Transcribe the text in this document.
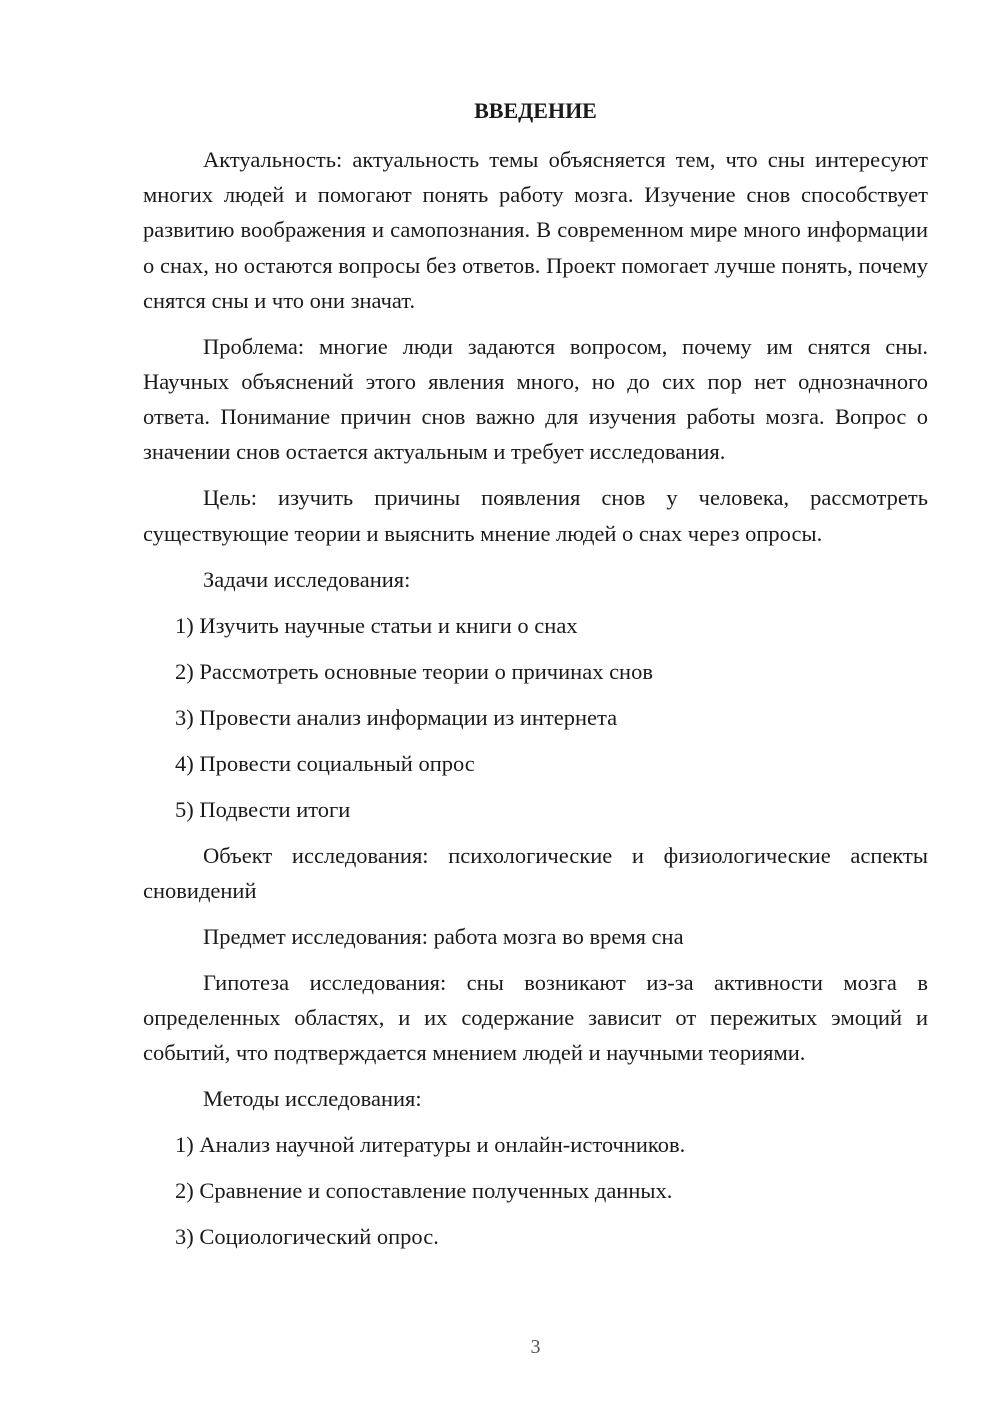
ВВЕДЕНИЕ

Актуальность: актуальность темы объясняется тем, что сны интересуют многих людей и помогают понять работу мозга. Изучение снов способствует развитию воображения и самопознания. В современном мире много информации о снах, но остаются вопросы без ответов. Проект помогает лучше понять, почему снятся сны и что они значат.

Проблема: многие люди задаются вопросом, почему им снятся сны. Научных объяснений этого явления много, но до сих пор нет однозначного ответа. Понимание причин снов важно для изучения работы мозга. Вопрос о значении снов остается актуальным и требует исследования.

Цель: изучить причины появления снов у человека, рассмотреть существующие теории и выяснить мнение людей о снах через опросы.

Задачи исследования:

1) Изучить научные статьи и книги о снах

2) Рассмотреть основные теории о причинах снов

3) Провести анализ информации из интернета

4) Провести социальный опрос

5) Подвести итоги

Объект исследования: психологические и физиологические аспекты сновидений

Предмет исследования: работа мозга во время сна

Гипотеза исследования: сны возникают из-за активности мозга в определенных областях, и их содержание зависит от пережитых эмоций и событий, что подтверждается мнением людей и научными теориями.

Методы исследования:

1) Анализ научной литературы и онлайн-источников.

2) Сравнение и сопоставление полученных данных.

3) Социологический опрос.

3
